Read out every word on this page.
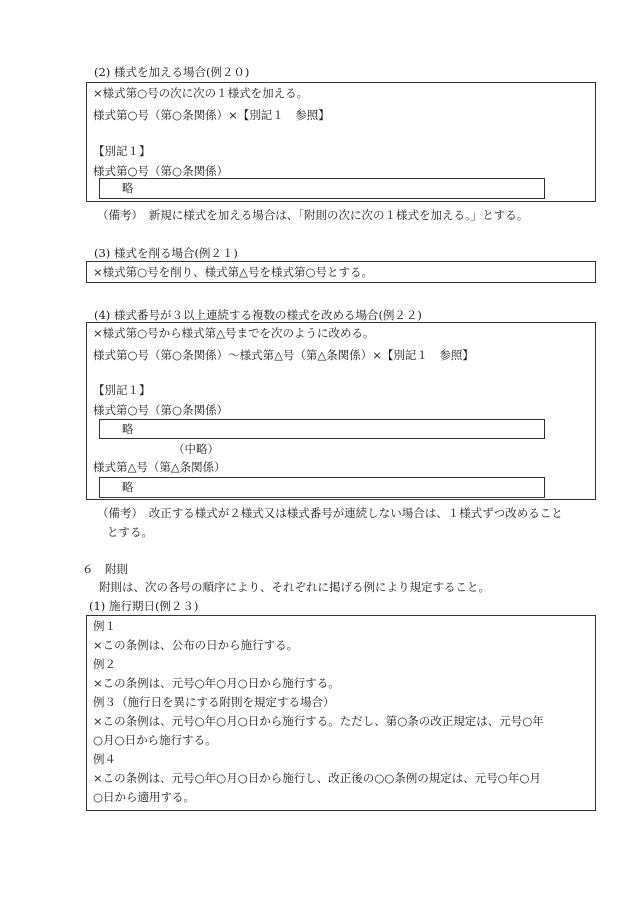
(2) 様式を加える場合(例２０)
×様式第○号の次に次の１様式を加える。
様式第○号（第○条関係）×【別記１　参照】
【別記１】
様式第○号（第○条関係）
略
（備考）　新規に様式を加える場合は、「附則の次に次の１様式を加える。」とする。
(3) 様式を削る場合(例２１)
×様式第○号を削り、様式第△号を様式第○号とする。
(4) 様式番号が３以上連続する複数の様式を改める場合(例２２)
×様式第○号から様式第△号までを次のように改める。
様式第○号（第○条関係）～様式第△号（第△条関係）×【別記１　参照】
【別記１】
様式第○号（第○条関係）
略
（中略）
様式第△号（第△条関係）
略
（備考）　改正する様式が２様式又は様式番号が連続しない場合は、１様式ずつ改めること
とする。
６　附則
附則は、次の各号の順序により、それぞれに掲げる例により規定すること。
(1) 施行期日(例２３)
例１
×この条例は、公布の日から施行する。
例２
×この条例は、元号○年○月○日から施行する。
例３（施行日を異にする附則を規定する場合）
×この条例は、元号○年○月○日から施行する。ただし、第○条の改正規定は、元号○年
○月○日から施行する。
例４
×この条例は、元号○年○月○日から施行し、改正後の○○条例の規定は、元号○年○月
○日から適用する。
